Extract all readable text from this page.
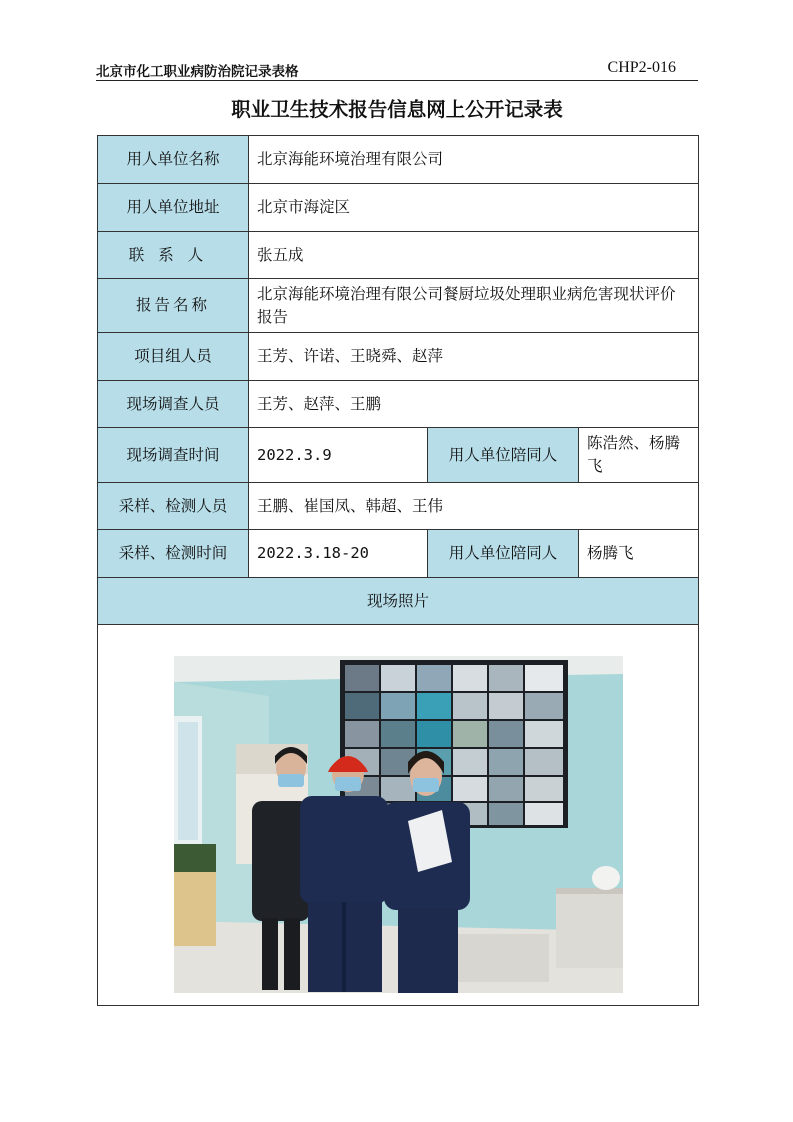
北京市化工职业病防治院记录表格	CHP2-016
职业卫生技术报告信息网上公开记录表
用人单位名称	北京海能环境治理有限公司		
用人单位地址	北京市海淀区		
联系人	张五成		
报告名称	北京海能环境治理有限公司餐厨垃圾处理职业病危害现状评价报告		
项目组人员	王芳、许诺、王晓舜、赵萍		
现场调查人员	王芳、赵萍、王鹏		
现场调查时间	2022.3.9	用人单位陪同人	陈浩然、杨腾飞
采样、检测人员	王鹏、崔国凤、韩超、王伟		
采样、检测时间	2022.3.18-20	用人单位陪同人	杨腾飞
现场照片			
